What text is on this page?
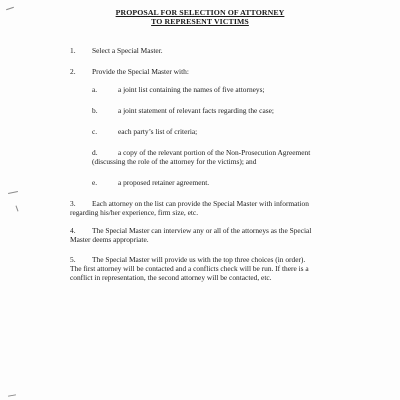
PROPOSAL FOR SELECTION OF ATTORNEY
TO REPRESENT VICTIMS
1. Select a Special Master.
2. Provide the Special Master with:
a.	a joint list containing the names of five attorneys;
b.	a joint statement of relevant facts regarding the case;
c.	each party’s list of criteria;
d.	a copy of the relevant portion of the Non-Prosecution Agreement
(discussing the role of the attorney for the victims); and
e.	a proposed retainer agreement.
3. Each attorney on the list can provide the Special Master with information
regarding his/her experience, firm size, etc.
4. The Special Master can interview any or all of the attorneys as the Special
Master deems appropriate.
5. The Special Master will provide us with the top three choices (in order).
The first attorney will be contacted and a conflicts check will be run. If there is a
conflict in representation, the second attorney will be contacted, etc.
